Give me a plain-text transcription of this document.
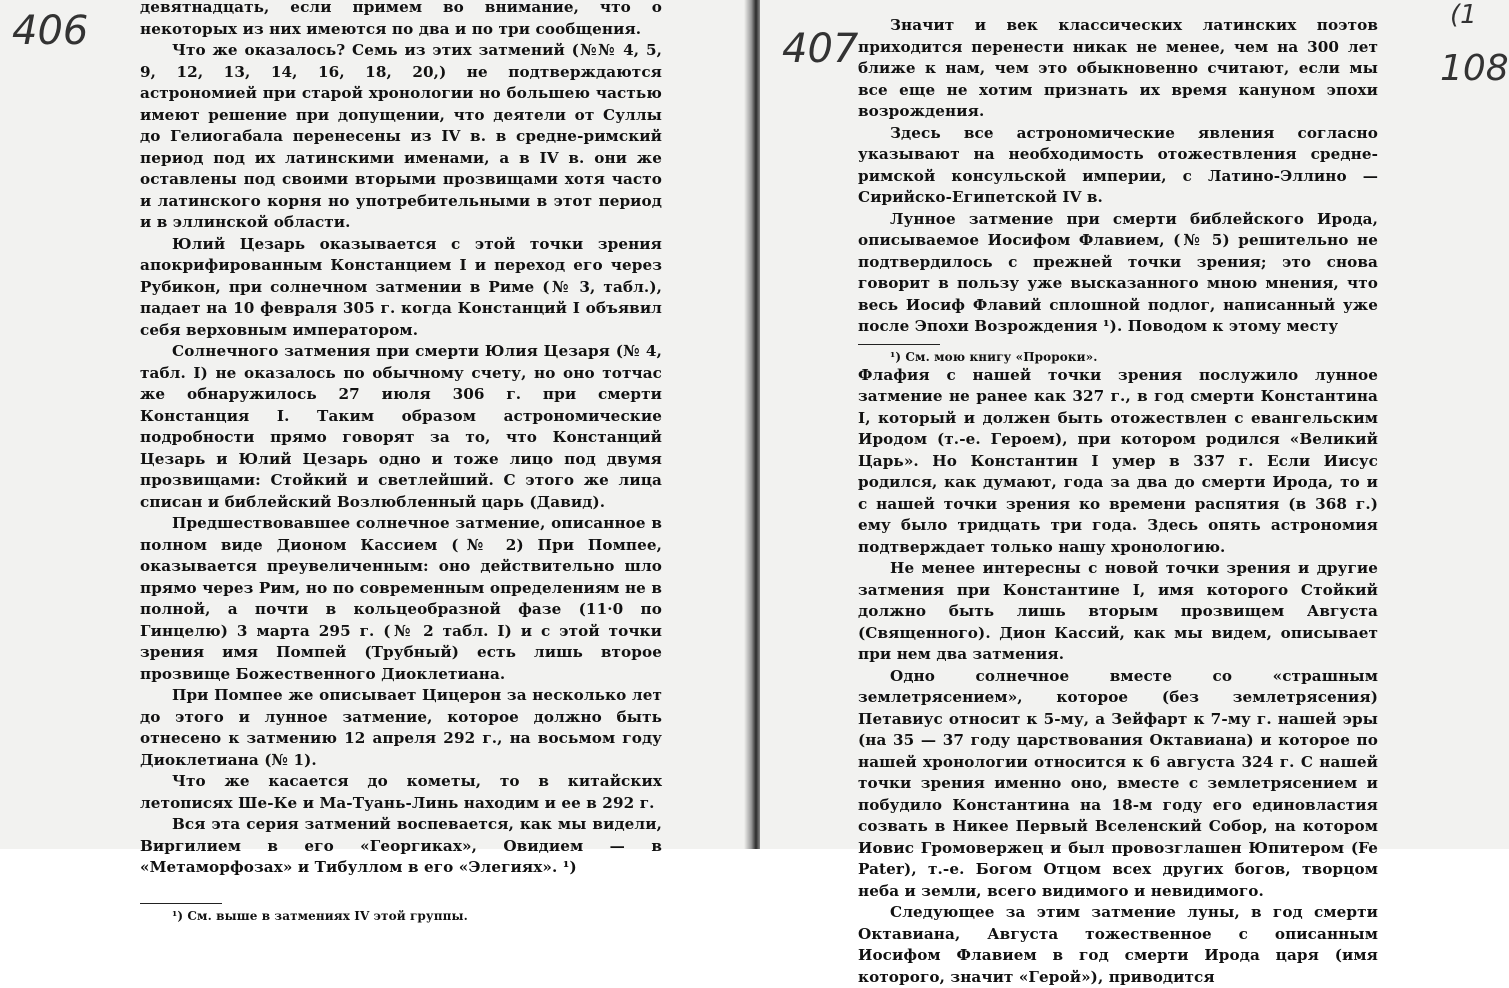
406

девятнадцать, если примем во внимание, что о некоторых из них имеются по два и по три сообщения.

Что же оказалось? Семь из этих затмений (№№ 4, 5, 9, 12, 13, 14, 16, 18, 20,) не подтверждаются астрономией при старой хронологии но большею частью имеют решение при допущении, что деятели от Суллы до Гелиогабала перенесены из IV в. в средне-римский период под их латинскими именами, а в IV в. они же оставлены под своими вторыми прозвищами хотя часто и латинского корня но употребительными в этот период и в эллинской области.

Юлий Цезарь оказывается с этой точки зрения апокрифированным Констанцием I и переход его через Рубикон, при солнечном затмении в Риме (№ 3, табл.), падает на 10 февраля 305 г. когда Констанций I объявил себя верховным императором.

Солнечного затмения при смерти Юлия Цезаря (№ 4, табл. I) не оказалось по обычному счету, но оно тотчас же обнаружилось 27 июля 306 г. при смерти Констанция I. Таким образом астрономические подробности прямо говорят за то, что Констанций Цезарь и Юлий Цезарь одно и тоже лицо под двумя прозвищами: Стойкий и светлейший. С этого же лица списан и библейский Возлюбленный царь (Давид).

Предшествовавшее солнечное затмение, описанное в полном виде Дионом Кассием (№ 2) При Помпее, оказывается преувеличенным: оно действительно шло прямо через Рим, но по современным определениям не в полной, а почти в кольцеобразной фазе (11·0 по Гинцелю) 3 марта 295 г. (№ 2 табл. I) и с этой точки зрения имя Помпей (Трубный) есть лишь второе прозвище Божественного Диоклетиана.

При Помпее же описывает Цицерон за несколько лет до этого и лунное затмение, которое должно быть отнесено к затмению 12 апреля 292 г., на восьмом году Диоклетиана (№ 1).

Что же касается до кометы, то в китайских летописях Ше-Ке и Ма-Туань-Линь находим и ее в 292 г.

Вся эта серия затмений воспевается, как мы видели, Виргилием в его «Георгиках», Овидием — в «Метаморфозах» и Тибуллом в его «Элегиях». ¹)

¹) См. выше в затмениях IV этой группы.

407	108
(1

Значит и век классических латинских поэтов приходится перенести никак не менее, чем на 300 лет ближе к нам, чем это обыкновенно считают, если мы все еще не хотим признать их время кануном эпохи возрождения.

Здесь все астрономические явления согласно указывают на необходимость отожествления средне-римской консульской империи, с Латино-Эллино — Сирийско-Египетской IV в.

Лунное затмение при смерти библейского Ирода, описываемое Иосифом Флавием, (№ 5) решительно не подтвердилось с прежней точки зрения; это снова говорит в пользу уже высказанного мною мнения, что весь Иосиф Флавий сплошной подлог, написанный уже после Эпохи Возрождения ¹). Поводом к этому месту

¹) См. мою книгу «Пророки».

Флафия с нашей точки зрения послужило лунное затмение не ранее как 327 г., в год смерти Константина I, который и должен быть отожествлен с евангельским Иродом (т.-е. Героем), при котором родился «Великий Царь». Но Константин I умер в 337 г. Если Иисус родился, как думают, года за два до смерти Ирода, то и с нашей точки зрения ко времени распятия (в 368 г.) ему было тридцать три года. Здесь опять астрономия подтверждает только нашу хронологию.

Не менее интересны с новой точки зрения и другие затмения при Константине I, имя которого Стойкий должно быть лишь вторым прозвищем Августа (Священного). Дион Кассий, как мы видем, описывает при нем два затмения.

Одно солнечное вместе со «страшным землетрясением», которое (без землетрясения) Петавиус относит к 5-му, а Зейфарт к 7-му г. нашей эры (на 35 — 37 году царствования Октавиана) и которое по нашей хронологии относится к 6 августа 324 г. С нашей точки зрения именно оно, вместе с землетрясением и побудило Константина на 18-м году его единовластия созвать в Никее Первый Вселенский Собор, на котором Иовис Громовержец и был провозглашен Юпитером (Fe Pater), т.-е. Богом Отцом всех других богов, творцом неба и земли, всего видимого и невидимого.

Следующее за этим затмение луны, в год смерти Октавиана, Августа тожественное с описанным Иосифом Флавием в год смерти Ирода царя (имя которого, значит «Герой»), приводится
